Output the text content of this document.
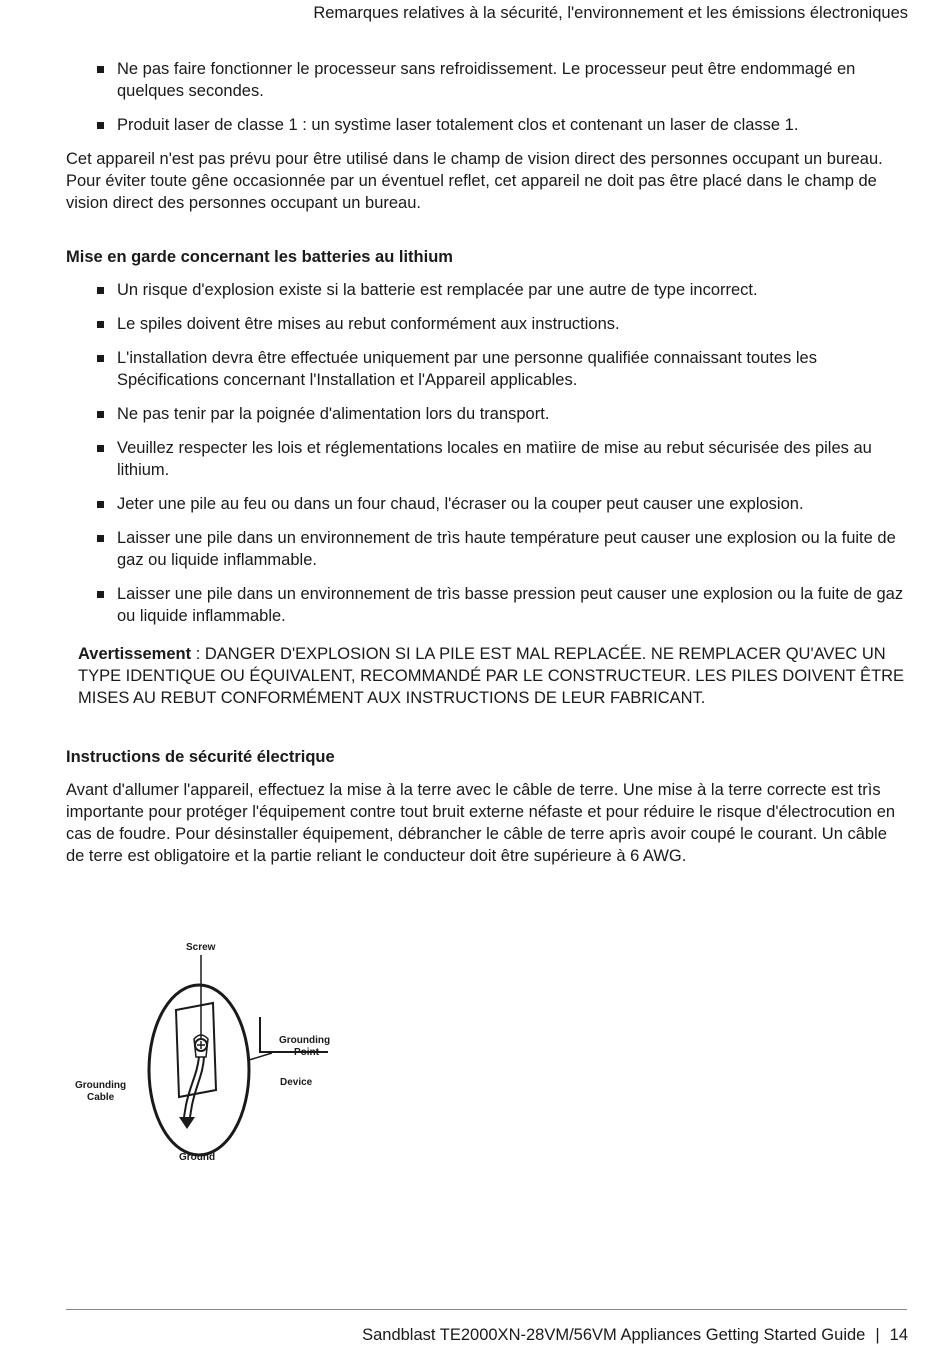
Remarques relatives à la sécurité, l'environnement et les émissions électroniques
Ne pas faire fonctionner le processeur sans refroidissement. Le processeur peut être endommagé en quelques secondes.
Produit laser de classe 1 : un systìme laser totalement clos et contenant un laser de classe 1.

Cet appareil n'est pas prévu pour être utilisé dans le champ de vision direct des personnes occupant un bureau. Pour éviter toute gêne occasionnée par un éventuel reflet, cet appareil ne doit pas être placé dans le champ de vision direct des personnes occupant un bureau.

Mise en garde concernant les batteries au lithium
Un risque d'explosion existe si la batterie est remplacée par une autre de type incorrect.
Le spiles doivent être mises au rebut conformément aux instructions.
L'installation devra être effectuée uniquement par une personne qualifiée connaissant toutes les Spécifications concernant l'Installation et l'Appareil applicables.
Ne pas tenir par la poignée d'alimentation lors du transport.
Veuillez respecter les lois et réglementations locales en matìire de mise au rebut sécurisée des piles au lithium.
Jeter une pile au feu ou dans un four chaud, l'écraser ou la couper peut causer une explosion.
Laisser une pile dans un environnement de trìs haute température peut causer une explosion ou la fuite de gaz ou liquide inflammable.
Laisser une pile dans un environnement de trìs basse pression peut causer une explosion ou la fuite de gaz ou liquide inflammable.

Avertissement : DANGER D'EXPLOSION SI LA PILE EST MAL REPLACÉE. NE REMPLACER QU'AVEC UN TYPE IDENTIQUE OU ÉQUIVALENT, RECOMMANDÉ PAR LE CONSTRUCTEUR. LES PILES DOIVENT ÊTRE MISES AU REBUT CONFORMÉMENT AUX INSTRUCTIONS DE LEUR FABRICANT.

Instructions de sécurité électrique

Avant d'allumer l'appareil, effectuez la mise à la terre avec le câble de terre. Une mise à la terre correcte est trìs importante pour protéger l'équipement contre tout bruit externe néfaste et pour réduire le risque d'électrocution en cas de foudre. Pour désinstaller équipement, débrancher le câble de terre aprìs avoir coupé le courant. Un câble de terre est obligatoire et la partie reliant le conducteur doit être supérieure à 6 AWG.

Screw
Grounding
Point
Device
Grounding
Cable
Ground
Sandblast TE2000XN-28VM/56VM Appliances Getting Started Guide | 14
